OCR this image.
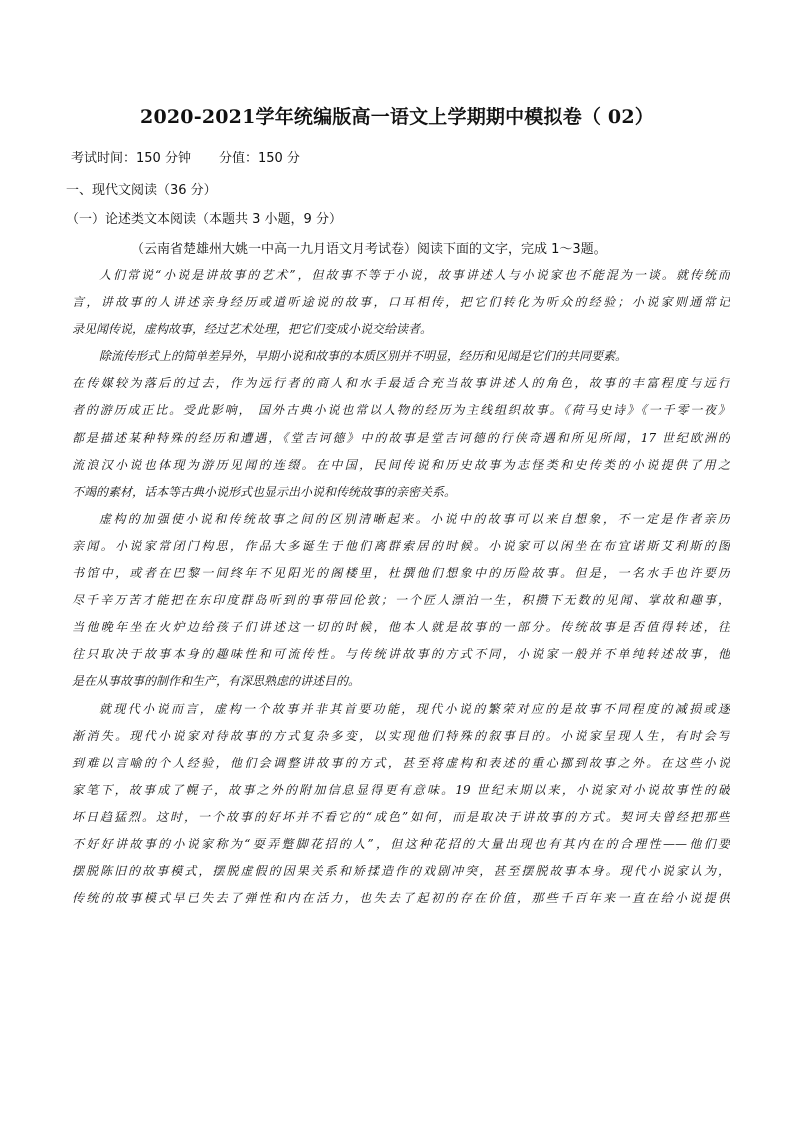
2020-2021学年统编版高一语文上学期期中模拟卷（ 02）
考试时间：150 分钟 分值：150 分
一、现代文阅读（36 分）
（一）论述类文本阅读（本题共 3 小题，9 分）
（云南省楚雄州大姚一中高一九月语文月考试卷）阅读下面的文字，完成 1～3题。
人们常说“小说是讲故事的艺术”，但故事不等于小说，故事讲述人与小说家也不能混为一谈。就传统而
言，讲故事的人讲述亲身经历或道听途说的故事，口耳相传，把它们转化为听众的经验；小说家则通常记
录见闻传说，虚构故事，经过艺术处理，把它们变成小说交给读者。
除流传形式上的简单差异外，早期小说和故事的本质区别并不明显，经历和见闻是它们的共同要素。
在传媒较为落后的过去，作为远行者的商人和水手最适合充当故事讲述人的角色，故事的丰富程度与远行
者的游历成正比。受此影响， 国外古典小说也常以人物的经历为主线组织故事。《荷马史诗》《一千零一夜》
都是描述某种特殊的经历和遭遇，《堂吉诃德》中的故事是堂吉诃德的行侠奇遇和所见所闻，17 世纪欧洲的
流浪汉小说也体现为游历见闻的连缀。在中国，民间传说和历史故事为志怪类和史传类的小说提供了用之
不竭的素材，话本等古典小说形式也显示出小说和传统故事的亲密关系。
虚构的加强使小说和传统故事之间的区别清晰起来。小说中的故事可以来自想象，不一定是作者亲历
亲闻。小说家常闭门构思，作品大多诞生于他们离群索居的时候。小说家可以闲坐在布宜诺斯艾利斯的图
书馆中，或者在巴黎一间终年不见阳光的阁楼里，杜撰他们想象中的历险故事。但是，一名水手也许要历
尽千辛万苦才能把在东印度群岛听到的事带回伦敦；一个匠人漂泊一生，积攒下无数的见闻、掌故和趣事，
当他晚年坐在火炉边给孩子们讲述这一切的时候，他本人就是故事的一部分。传统故事是否值得转述，往
往只取决于故事本身的趣味性和可流传性。与传统讲故事的方式不同，小说家一般并不单纯转述故事，他
是在从事故事的制作和生产，有深思熟虑的讲述目的。
就现代小说而言，虚构一个故事并非其首要功能，现代小说的繁荣对应的是故事不同程度的减损或逐
渐消失。现代小说家对待故事的方式复杂多变，以实现他们特殊的叙事目的。小说家呈现人生，有时会写
到难以言喻的个人经验，他们会调整讲故事的方式，甚至将虚构和表述的重心挪到故事之外。在这些小说
家笔下，故事成了幌子，故事之外的附加信息显得更有意味。19 世纪末期以来，小说家对小说故事性的破
坏日趋猛烈。这时，一个故事的好坏并不看它的“成色”如何，而是取决于讲故事的方式。契诃夫曾经把那些
不好好讲故事的小说家称为“耍弄蹩脚花招的人”，但这种花招的大量出现也有其内在的合理性——他们要
摆脱陈旧的故事模式，摆脱虚假的因果关系和矫揉造作的戏剧冲突，甚至摆脱故事本身。现代小说家认为，
传统的故事模式早已失去了弹性和内在活力，也失去了起初的存在价值，那些千百年来一直在给小说提供
